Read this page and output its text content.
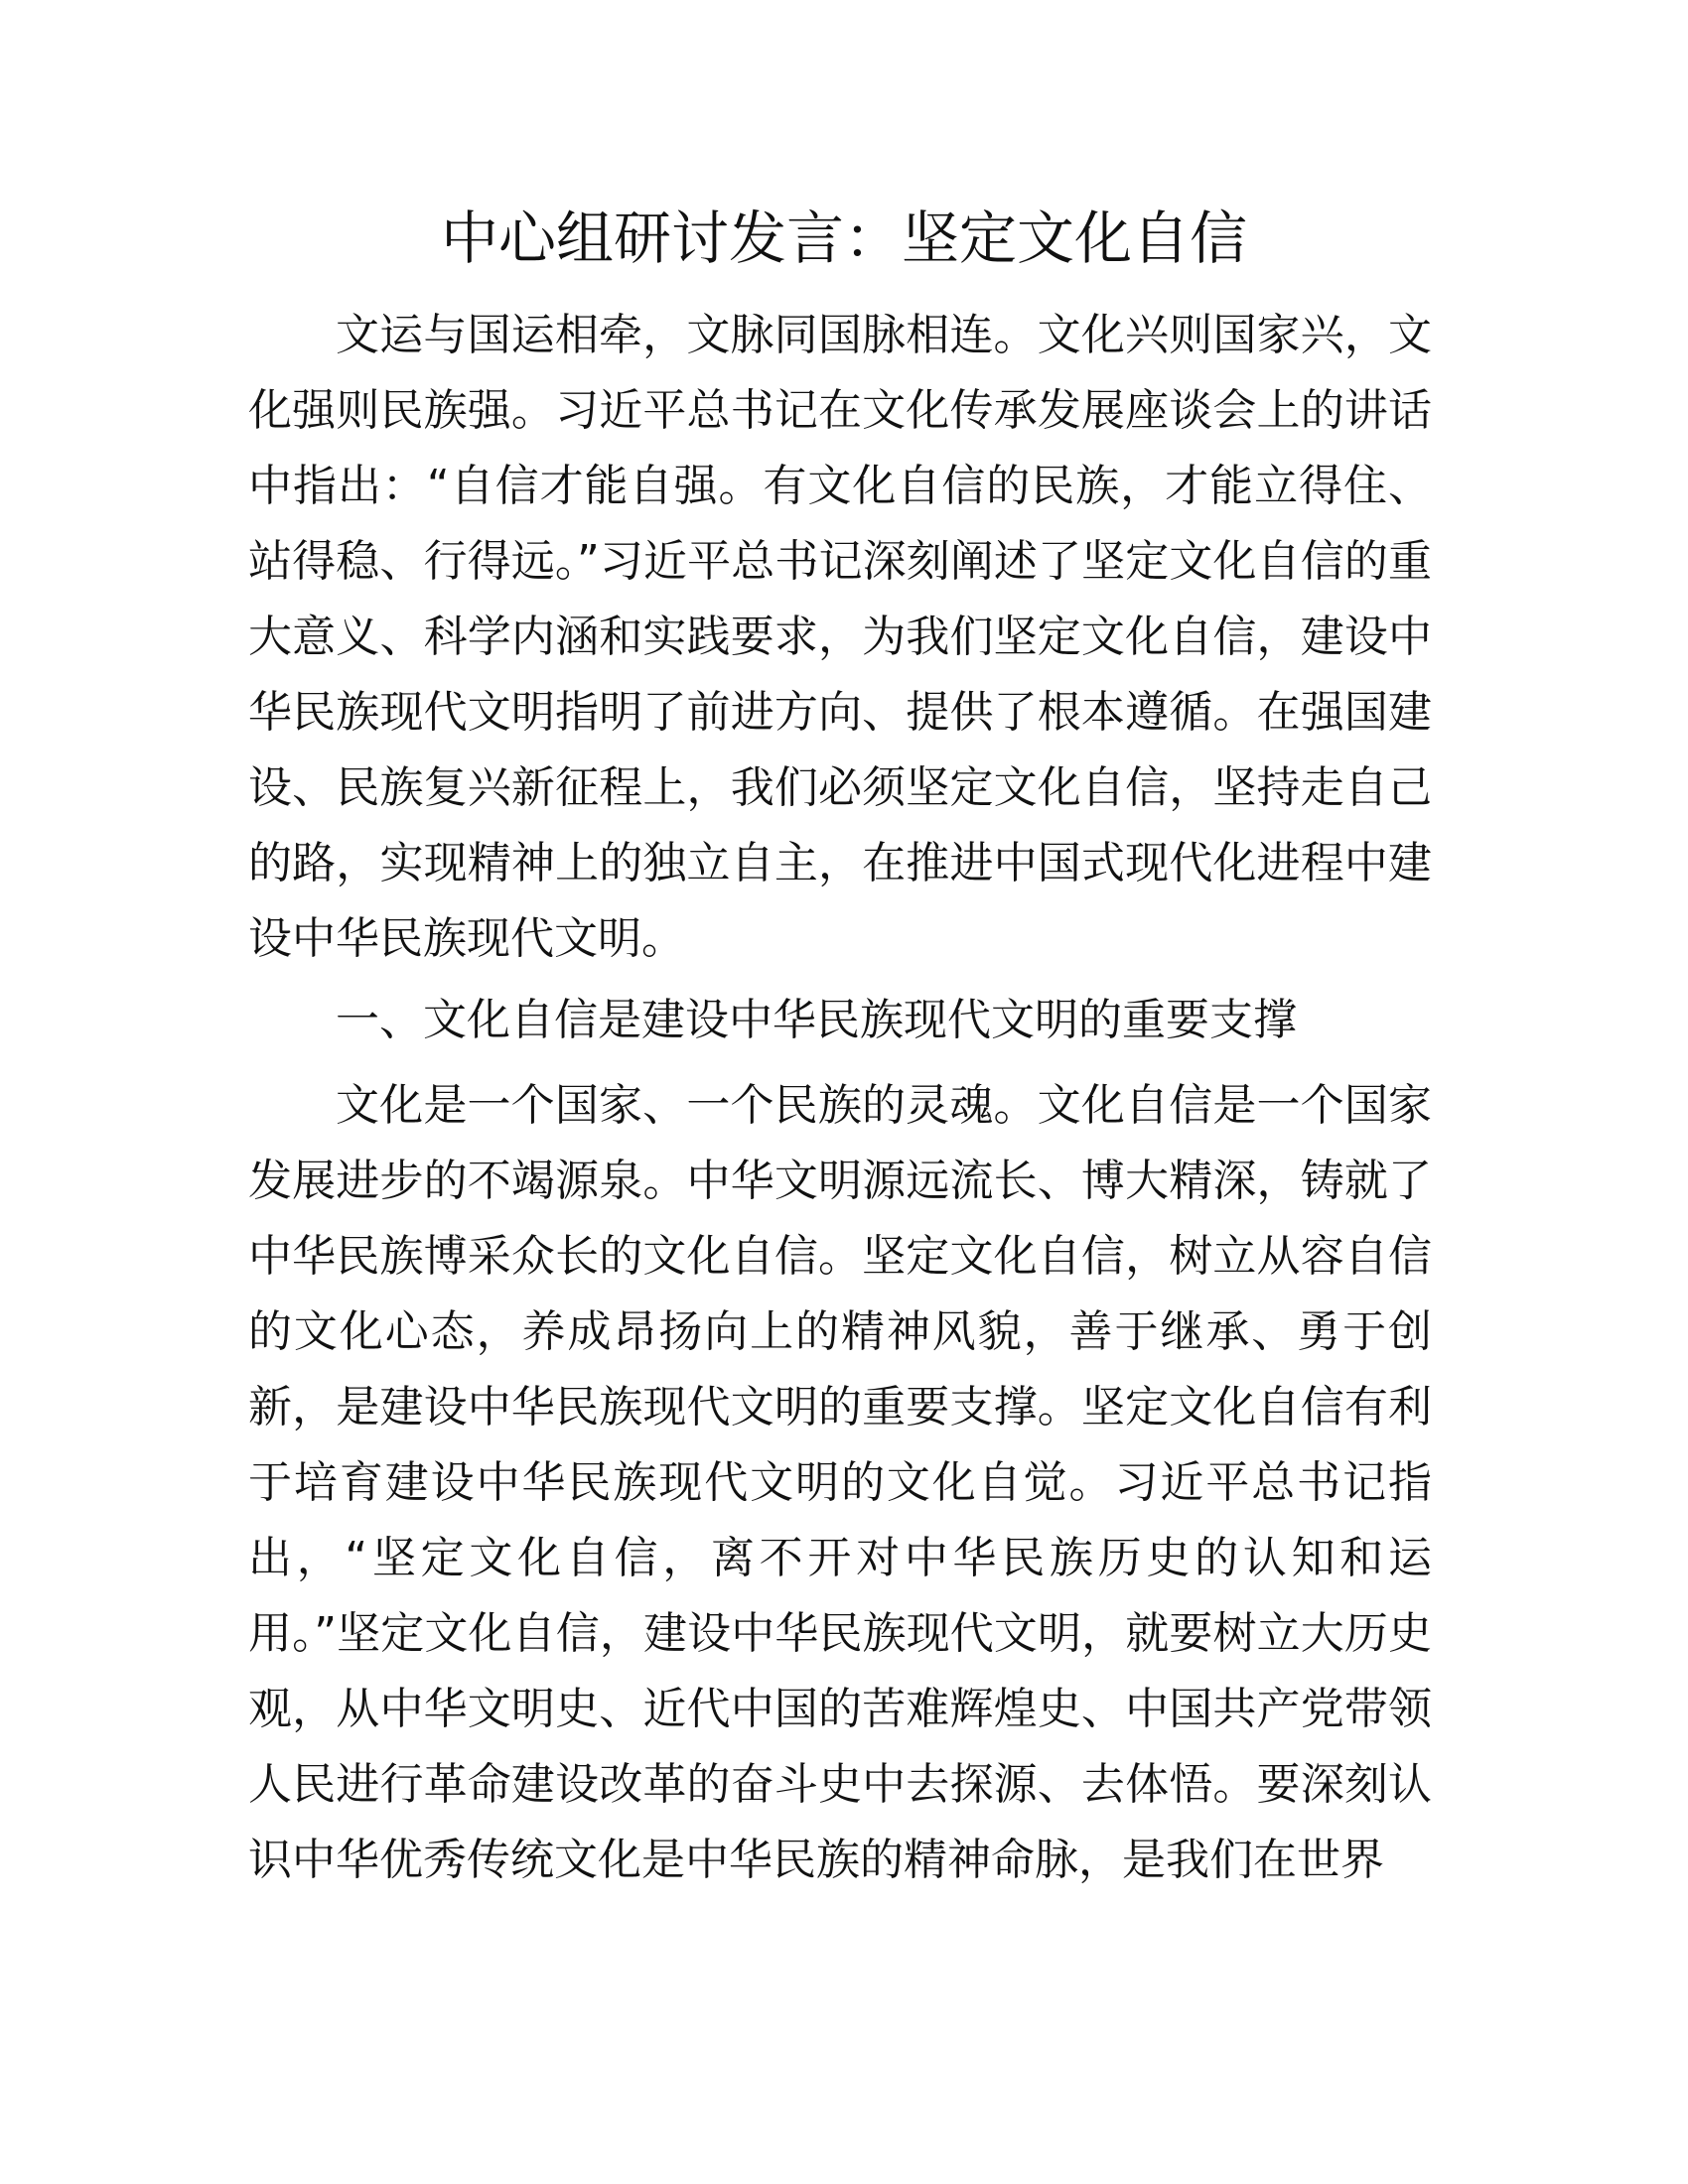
中心组研讨发言：坚定文化自信

文运与国运相牵，文脉同国脉相连。文化兴则国家兴，文化强则民族强。习近平总书记在文化传承发展座谈会上的讲话中指出：“自信才能自强。有文化自信的民族，才能立得住、站得稳、行得远。”习近平总书记深刻阐述了坚定文化自信的重大意义、科学内涵和实践要求，为我们坚定文化自信，建设中华民族现代文明指明了前进方向、提供了根本遵循。在强国建设、民族复兴新征程上，我们必须坚定文化自信，坚持走自己的路，实现精神上的独立自主，在推进中国式现代化进程中建设中华民族现代文明。

一、文化自信是建设中华民族现代文明的重要支撑

文化是一个国家、一个民族的灵魂。文化自信是一个国家发展进步的不竭源泉。中华文明源远流长、博大精深，铸就了中华民族博采众长的文化自信。坚定文化自信，树立从容自信的文化心态，养成昂扬向上的精神风貌，善于继承、勇于创新，是建设中华民族现代文明的重要支撑。坚定文化自信有利于培育建设中华民族现代文明的文化自觉。习近平总书记指出，“坚定文化自信，离不开对中华民族历史的认知和运用。”坚定文化自信，建设中华民族现代文明，就要树立大历史观，从中华文明史、近代中国的苦难辉煌史、中国共产党带领人民进行革命建设改革的奋斗史中去探源、去体悟。要深刻认识中华优秀传统文化是中华民族的精神命脉，是我们在世界
